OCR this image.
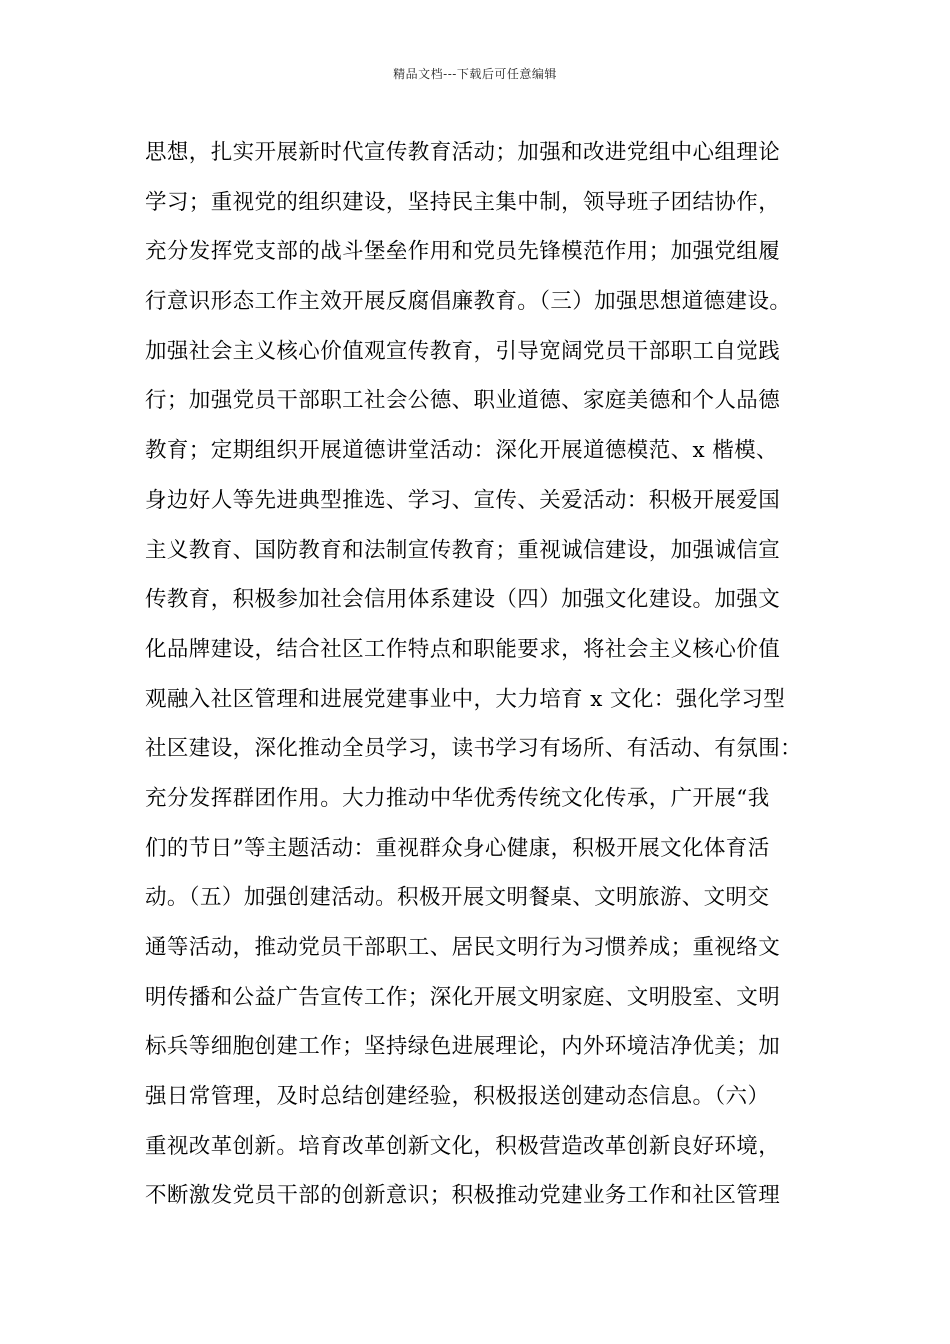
精品文档---下载后可任意编辑
思想，扎实开展新时代宣传教育活动；加强和改进党组中心组理论
学习；重视党的组织建设，坚持民主集中制，领导班子团结协作，
充分发挥党支部的战斗堡垒作用和党员先锋模范作用；加强党组履
行意识形态工作主效开展反腐倡廉教育。（三）加强思想道德建设。
加强社会主义核心价值观宣传教育，引导宽阔党员干部职工自觉践
行；加强党员干部职工社会公德、职业道德、家庭美德和个人品德
教育；定期组织开展道德讲堂活动：深化开展道德模范、x 楷模、
身边好人等先进典型推选、学习、宣传、关爱活动：积极开展爱国
主义教育、国防教育和法制宣传教育；重视诚信建设，加强诚信宣
传教育，积极参加社会信用体系建设（四）加强文化建设。加强文
化品牌建设，结合社区工作特点和职能要求，将社会主义核心价值
观融入社区管理和进展党建事业中，大力培育 x 文化：强化学习型
社区建设，深化推动全员学习，读书学习有场所、有活动、有氛围：
充分发挥群团作用。大力推动中华优秀传统文化传承，广开展“我
们的节日”等主题活动：重视群众身心健康，积极开展文化体育活
动。（五）加强创建活动。积极开展文明餐桌、文明旅游、文明交
通等活动，推动党员干部职工、居民文明行为习惯养成；重视络文
明传播和公益广告宣传工作；深化开展文明家庭、文明股室、文明
标兵等细胞创建工作；坚持绿色进展理论，内外环境洁净优美；加
强日常管理，及时总结创建经验，积极报送创建动态信息。（六）
重视改革创新。培育改革创新文化，积极营造改革创新良好环境，
不断激发党员干部的创新意识；积极推动党建业务工作和社区管理
